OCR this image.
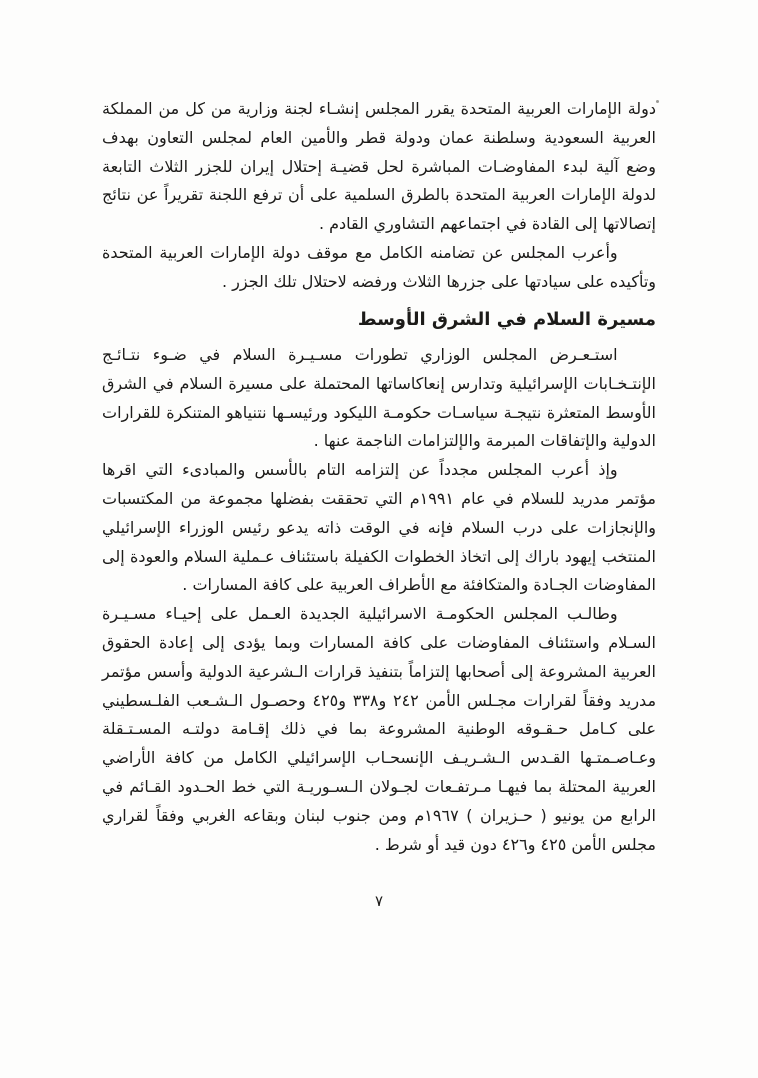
دولة الإمارات العربية المتحدة يقرر المجلس إنشـاء لجنة وزارية من كل من المملكة العربية السعودية وسلطنة عمان ودولة قطر والأمين العام لمجلس التعاون بهدف وضع آلية لبدء المفاوضـات المباشرة لحل قضيـة إحتلال إيران للجزر الثلاث التابعة لدولة الإمارات العربية المتحدة بالطرق السلمية على أن ترفع اللجنة تقريراً عن نتائج إتصالاتها إلى القادة في اجتماعهم التشاوري القادم .

وأعرب المجلس عن تضامنه الكامل مع موقف دولة الإمارات العربية المتحدة وتأكيده على سيادتها على جزرها الثلاث ورفضه لاحتلال تلك الجزر .

مسيرة السلام في الشرق الأوسط

استـعـرض المجلس الوزاري تطورات مسـيـرة السلام في ضـوء نتـائـج الإنتـخـابات الإسرائيلية وتدارس إنعاكاساتها المحتملة على مسيرة السلام في الشرق الأوسط المتعثرة نتيجـة سياسـات حكومـة الليكود ورئيسـها نتنياهو المتنكرة للقرارات الدولية والإتفاقات المبرمة والإلتزامات الناجمة عنها .

وإذ أعرب المجلس مجدداً عن إلتزامه التام بالأسس والمبادىء التي اقرها مؤتمر مدريد للسلام في عام ١٩٩١م التي تحققت بفضلها مجموعة من المكتسبات والإنجازات على درب السلام فإنه في الوقت ذاته يدعو رئيس الوزراء الإسرائيلي المنتخب إيهود باراك إلى اتخاذ الخطوات الكفيلة باستئناف عـملية السلام والعودة إلى المفاوضات الجـادة والمتكافئة مع الأطراف العربية على كافة المسارات .

وطالـب المجلس الحكومـة الاسرائيلية الجديدة العـمل على إحيـاء مسـيـرة السـلام واستئناف المفاوضات على كافة المسارات وبما يؤدى إلى إعادة الحقوق العربية المشروعة إلى أصحابها إلتزاماً بتنفيذ قرارات الـشرعية الدولية وأسس مؤتمر مدريد وفقاً لقرارات مجـلس الأمن ٢٤٢ و٣٣٨ و٤٢٥ وحصـول الـشـعب الفلـسطيني على كـامل حـقـوقه الوطنية المشروعة بما في ذلك إقـامة دولتـه المسـتـقلة وعـاصـمتـها القـدس الـشـريـف الإنسحـاب الإسرائيلي الكامل من كافة الأراضي العربية المحتلة بما فيهـا مـرتفـعات لجـولان الـسـوريـة التي خط الحـدود القـائم في الرابع من يونيو ( حـزيران ) ١٩٦٧م ومن جنوب لبنان وبقاعه الغربي وفقاً لقراري مجلس الأمن ٤٢٥ و٤٢٦ دون قيد أو شرط .

٧
